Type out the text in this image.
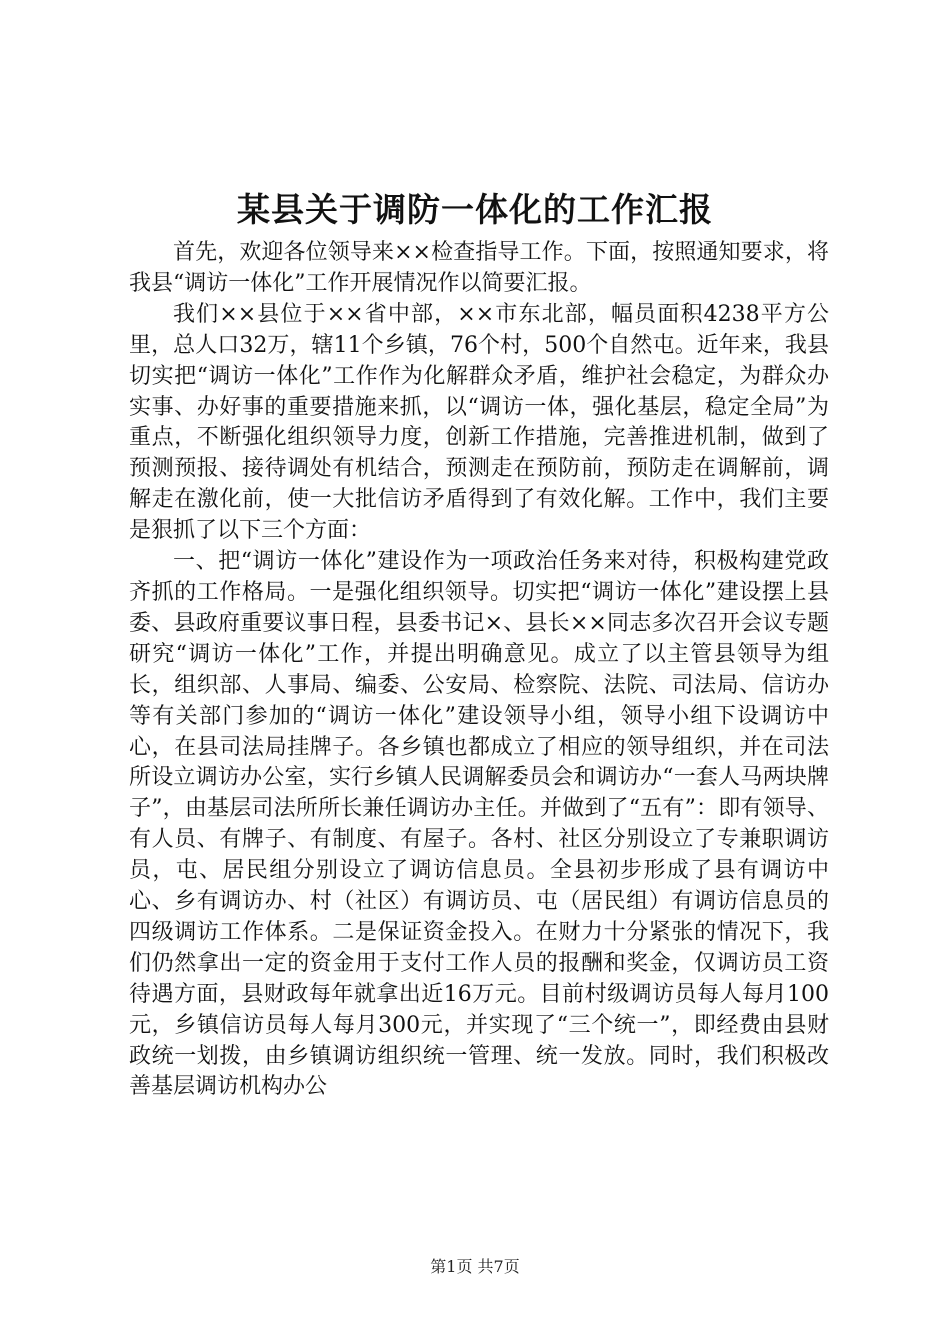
某县关于调防一体化的工作汇报

首先，欢迎各位领导来××检查指导工作。下面，按照通知要求，将我县“调访一体化”工作开展情况作以简要汇报。

我们××县位于××省中部，××市东北部，幅员面积4238平方公里，总人口32万，辖11个乡镇，76个村，500个自然屯。近年来，我县切实把“调访一体化”工作作为化解群众矛盾，维护社会稳定，为群众办实事、办好事的重要措施来抓，以“调访一体，强化基层，稳定全局”为重点，不断强化组织领导力度，创新工作措施，完善推进机制，做到了预测预报、接待调处有机结合，预测走在预防前，预防走在调解前，调解走在激化前，使一大批信访矛盾得到了有效化解。工作中，我们主要是狠抓了以下三个方面：

一、把“调访一体化”建设作为一项政治任务来对待，积极构建党政齐抓的工作格局。一是强化组织领导。切实把“调访一体化”建设摆上县委、县政府重要议事日程，县委书记×、县长××同志多次召开会议专题研究“调访一体化”工作，并提出明确意见。成立了以主管县领导为组长，组织部、人事局、编委、公安局、检察院、法院、司法局、信访办等有关部门参加的“调访一体化”建设领导小组，领导小组下设调访中心，在县司法局挂牌子。各乡镇也都成立了相应的领导组织，并在司法所设立调访办公室，实行乡镇人民调解委员会和调访办“一套人马两块牌子”，由基层司法所所长兼任调访办主任。并做到了“五有”：即有领导、有人员、有牌子、有制度、有屋子。各村、社区分别设立了专兼职调访员，屯、居民组分别设立了调访信息员。全县初步形成了县有调访中心、乡有调访办、村（社区）有调访员、屯（居民组）有调访信息员的四级调访工作体系。二是保证资金投入。在财力十分紧张的情况下，我们仍然拿出一定的资金用于支付工作人员的报酬和奖金，仅调访员工资待遇方面，县财政每年就拿出近16万元。目前村级调访员每人每月100元，乡镇信访员每人每月300元，并实现了“三个统一”，即经费由县财政统一划拨，由乡镇调访组织统一管理、统一发放。同时，我们积极改善基层调访机构办公

第1页 共7页
